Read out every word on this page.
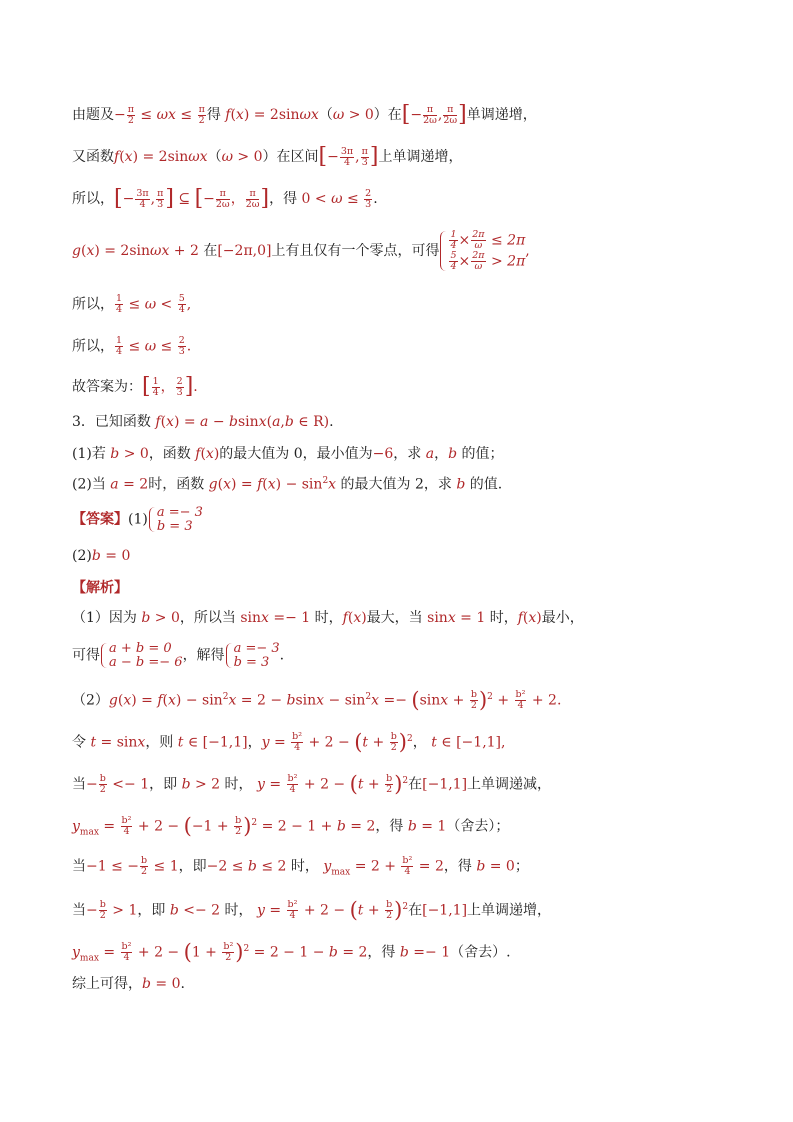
由题及− $\frac{\pi}{2} \le \omega x \le \frac{\pi}{2}$ 得 f(x) = 2sinωx（ω > 0）在[− $\frac{\pi}{2\omega}$ , $\frac{\pi}{2\omega}$ ]单调递增，
又函数f(x) = 2sinωx（ω > 0）在区间[− $\frac{3\pi}{4}$ , $\frac{\pi}{3}$ ]上单调递增，
所以，[− $\frac{3\pi}{4}$ , $\frac{\pi}{3}$ ] ⊆ [− $\frac{\pi}{2\omega}$ ， $\frac{\pi}{2\omega}$ ]，得 $0 < \omega \le \frac{2}{3}$ .
g(x) = 2sinωx + 2 在[−2π,0]上有且仅有一个零点，可得 $\frac{1}{4} \times \frac{2\pi}{\omega} \le 2\pi$
$\frac{5}{4} \times \frac{2\pi}{\omega} > 2\pi$
,
所以， $\frac{1}{4} \le \omega < \frac{5}{4}$ ,
所以， $\frac{1}{4} \le \omega \le \frac{2}{3}$ .
故答案为：[ $\frac{1}{4}$ ， $\frac{2}{3}$ ].
3．已知函数 f(x) = a − bsinx(a,b ∈ R).
(1)若 b > 0，函数 f(x)的最大值为 0，最小值为−6，求 a，b 的值；
(2)当 a = 2时，函数 $g(x) = f(x) - \sin^2x$ 的最大值为 2，求 b 的值.
【答案】(1) a =− 3
b = 3
(2)b = 0
【解析】
（1）因为 b > 0，所以当 sinx =− 1 时，f(x)最大，当 sinx = 1 时，f(x)最小，
可得 a + b = 0
a − b =− 6 ，解得 a =− 3
b = 3 .
$(2)g(x) = f(x) - \sin^2x = 2 - bsinx - \sin^2x =- (\sin x + \frac{b}{2} )^2 + \frac{\text{b²}}{4} + 2$.
令 t = sinx，则 t ∈ [−1,1]，$y = \frac{\text{b²}}{4} + 2 - (t + \frac{b}{2} )^2$， t ∈ [−1,1],
当− $\frac{b}{2} <- 1$，即 b > 2 时， $y = \frac{\text{b²}}{4} + 2 - (t + \frac{b}{2} )^2$在[−1,1]上单调递减，
$y_{max} = \frac{\text{b²}}{4} + 2 - (-1 + \frac{b}{2} )^2 = 2 - 1 + b = 2$，得 b = 1（舍去）；
当−1 ≤ − $\frac{b}{2} \le 1$，即−2 ≤ b ≤ 2 时， $y_{max} = 2 + \frac{\text{b²}}{4} = 2$，得 b = 0；
当− $\frac{b}{2} > 1$，即 b <− 2 时， $y = \frac{\text{b²}}{4} + 2 - (t + \frac{b}{2} )^2$在[−1,1]上单调递增，
$y_{max} = \frac{\text{b²}}{4} + 2 - (1 + \frac{\text{b²}}{2} )^2 = 2 - 1 - b = 2$，得 b =− 1（舍去）.
综上可得，b = 0.
